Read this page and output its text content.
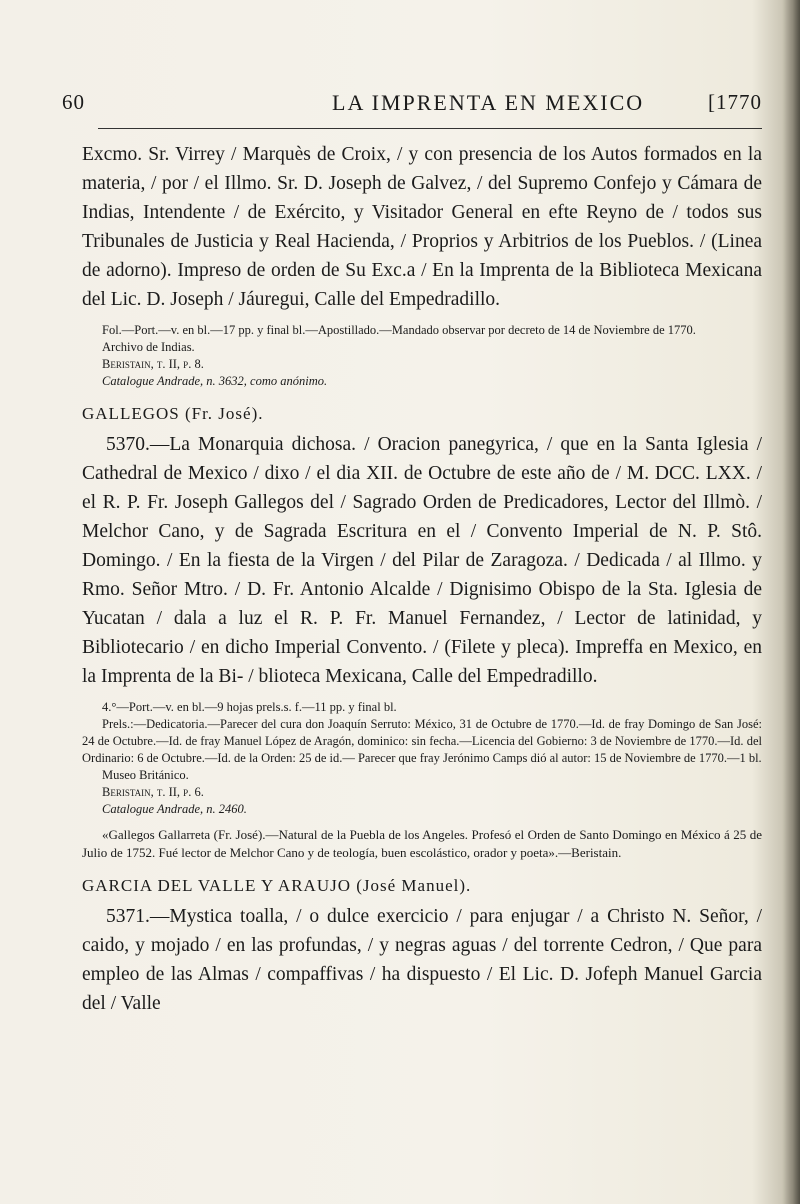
60	LA IMPRENTA EN MEXICO	[1770

Excmo. Sr. Virrey / Marquès de Croix, / y con presencia de los Autos formados en la materia, / por / el Illmo. Sr. D. Joseph de Galvez, / del Supremo Confejo y Cámara de Indias, Intendente / de Exército, y Visitador General en efte Reyno de / todos sus Tribunales de Justicia y Real Hacienda, / Proprios y Arbitrios de los Pueblos. / (Linea de adorno). Impreso de orden de Su Exc.a / En la Imprenta de la Biblioteca Mexicana del Lic. D. Joseph / Jáuregui, Calle del Empedradillo.

Fol.—Port.—v. en bl.—17 pp. y final bl.—Apostillado.—Mandado observar por decreto de 14 de Noviembre de 1770.

Archivo de Indias.

Beristain, t. II, p. 8.

Catalogue Andrade, n. 3632, como anónimo.

GALLEGOS (Fr. José).

5370.—La Monarquia dichosa. / Oracion panegyrica, / que en la Santa Iglesia / Cathedral de Mexico / dixo / el dia XII. de Octubre de este año de / M. DCC. LXX. / el R. P. Fr. Joseph Gallegos del / Sagrado Orden de Predicadores, Lector del Illmò. / Melchor Cano, y de Sagrada Escritura en el / Convento Imperial de N. P. Stô. Domingo. / En la fiesta de la Virgen / del Pilar de Zaragoza. / Dedicada / al Illmo. y Rmo. Señor Mtro. / D. Fr. Antonio Alcalde / Dignisimo Obispo de la Sta. Iglesia de Yucatan / dala a luz el R. P. Fr. Manuel Fernandez, / Lector de latinidad, y Bibliotecario / en dicho Imperial Convento. / (Filete y pleca). Impreffa en Mexico, en la Imprenta de la Bi- / blioteca Mexicana, Calle del Empedradillo.

4.°—Port.—v. en bl.—9 hojas prels.s. f.—11 pp. y final bl.

Prels.:—Dedicatoria.—Parecer del cura don Joaquín Serruto: México, 31 de Octubre de 1770.—Id. de fray Domingo de San José: 24 de Octubre.—Id. de fray Manuel López de Aragón, dominico: sin fecha.—Licencia del Gobierno: 3 de Noviembre de 1770.—Id. del Ordinario: 6 de Octubre.—Id. de la Orden: 25 de id.— Parecer que fray Jerónimo Camps dió al autor: 15 de Noviembre de 1770.—1 bl.

Museo Británico.

Beristain, t. II, p. 6.

Catalogue Andrade, n. 2460.

«Gallegos Gallarreta (Fr. José).—Natural de la Puebla de los Angeles. Profesó el Orden de Santo Domingo en México á 25 de Julio de 1752. Fué lector de Melchor Cano y de teología, buen escolástico, orador y poeta».—Beristain.

GARCIA DEL VALLE Y ARAUJO (José Manuel).

5371.—Mystica toalla, / o dulce exercicio / para enjugar / a Christo N. Señor, / caido, y mojado / en las profundas, / y negras aguas / del torrente Cedron, / Que para empleo de las Almas / compaffivas / ha dispuesto / El Lic. D. Jofeph Manuel Garcia del / Valle
